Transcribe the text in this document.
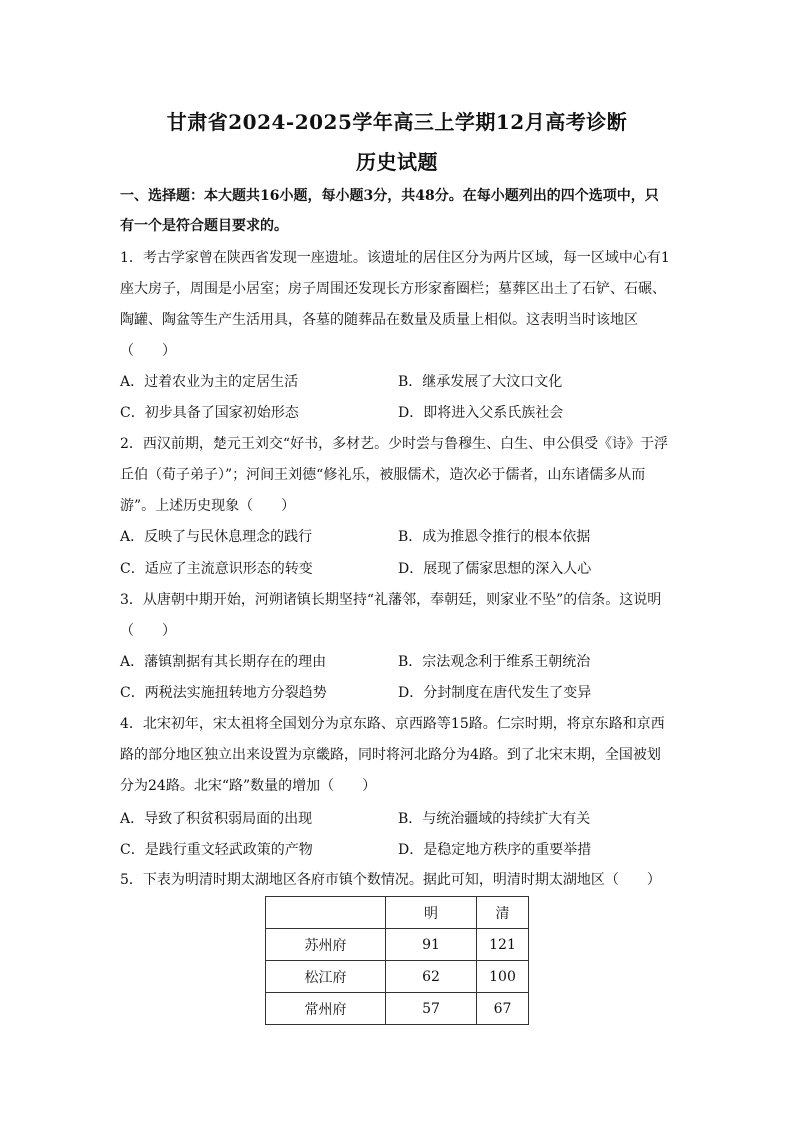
甘肃省2024-2025学年高三上学期12月高考诊断
历史试题
一、选择题：本大题共16小题，每小题3分，共48分。在每小题列出的四个选项中，只
有一个是符合题目要求的。
1．考古学家曾在陕西省发现一座遗址。该遗址的居住区分为两片区域，每一区域中心有1
座大房子，周围是小居室；房子周围还发现长方形家畜圈栏；墓葬区出土了石铲、石碾、
陶罐、陶盆等生产生活用具，各墓的随葬品在数量及质量上相似。这表明当时该地区
（　　）
A．过着农业为主的定居生活	B．继承发展了大汶口文化
C．初步具备了国家初始形态	D．即将进入父系氏族社会
2．西汉前期，楚元王刘交“好书，多材艺。少时尝与鲁穆生、白生、申公俱受《诗》于浮
丘伯（荀子弟子）”；河间王刘德“修礼乐，被服儒术，造次必于儒者，山东诸儒多从而
游”。上述历史现象（　　）
A．反映了与民休息理念的践行	B．成为推恩令推行的根本依据
C．适应了主流意识形态的转变	D．展现了儒家思想的深入人心
3．从唐朝中期开始，河朔诸镇长期坚持“礼藩邻，奉朝廷，则家业不坠”的信条。这说明
（　　）
A．藩镇割据有其长期存在的理由	B．宗法观念利于维系王朝统治
C．两税法实施扭转地方分裂趋势	D．分封制度在唐代发生了变异
4．北宋初年，宋太祖将全国划分为京东路、京西路等15路。仁宗时期，将京东路和京西
路的部分地区独立出来设置为京畿路，同时将河北路分为4路。到了北宋末期，全国被划
分为24路。北宋“路”数量的增加（　　）
A．导致了积贫积弱局面的出现	B．与统治疆域的持续扩大有关
C．是践行重文轻武政策的产物	D．是稳定地方秩序的重要举措
5．下表为明清时期太湖地区各府市镇个数情况。据此可知，明清时期太湖地区（　　）
	明	清
苏州府	91	121
松江府	62	100
常州府	57	67
